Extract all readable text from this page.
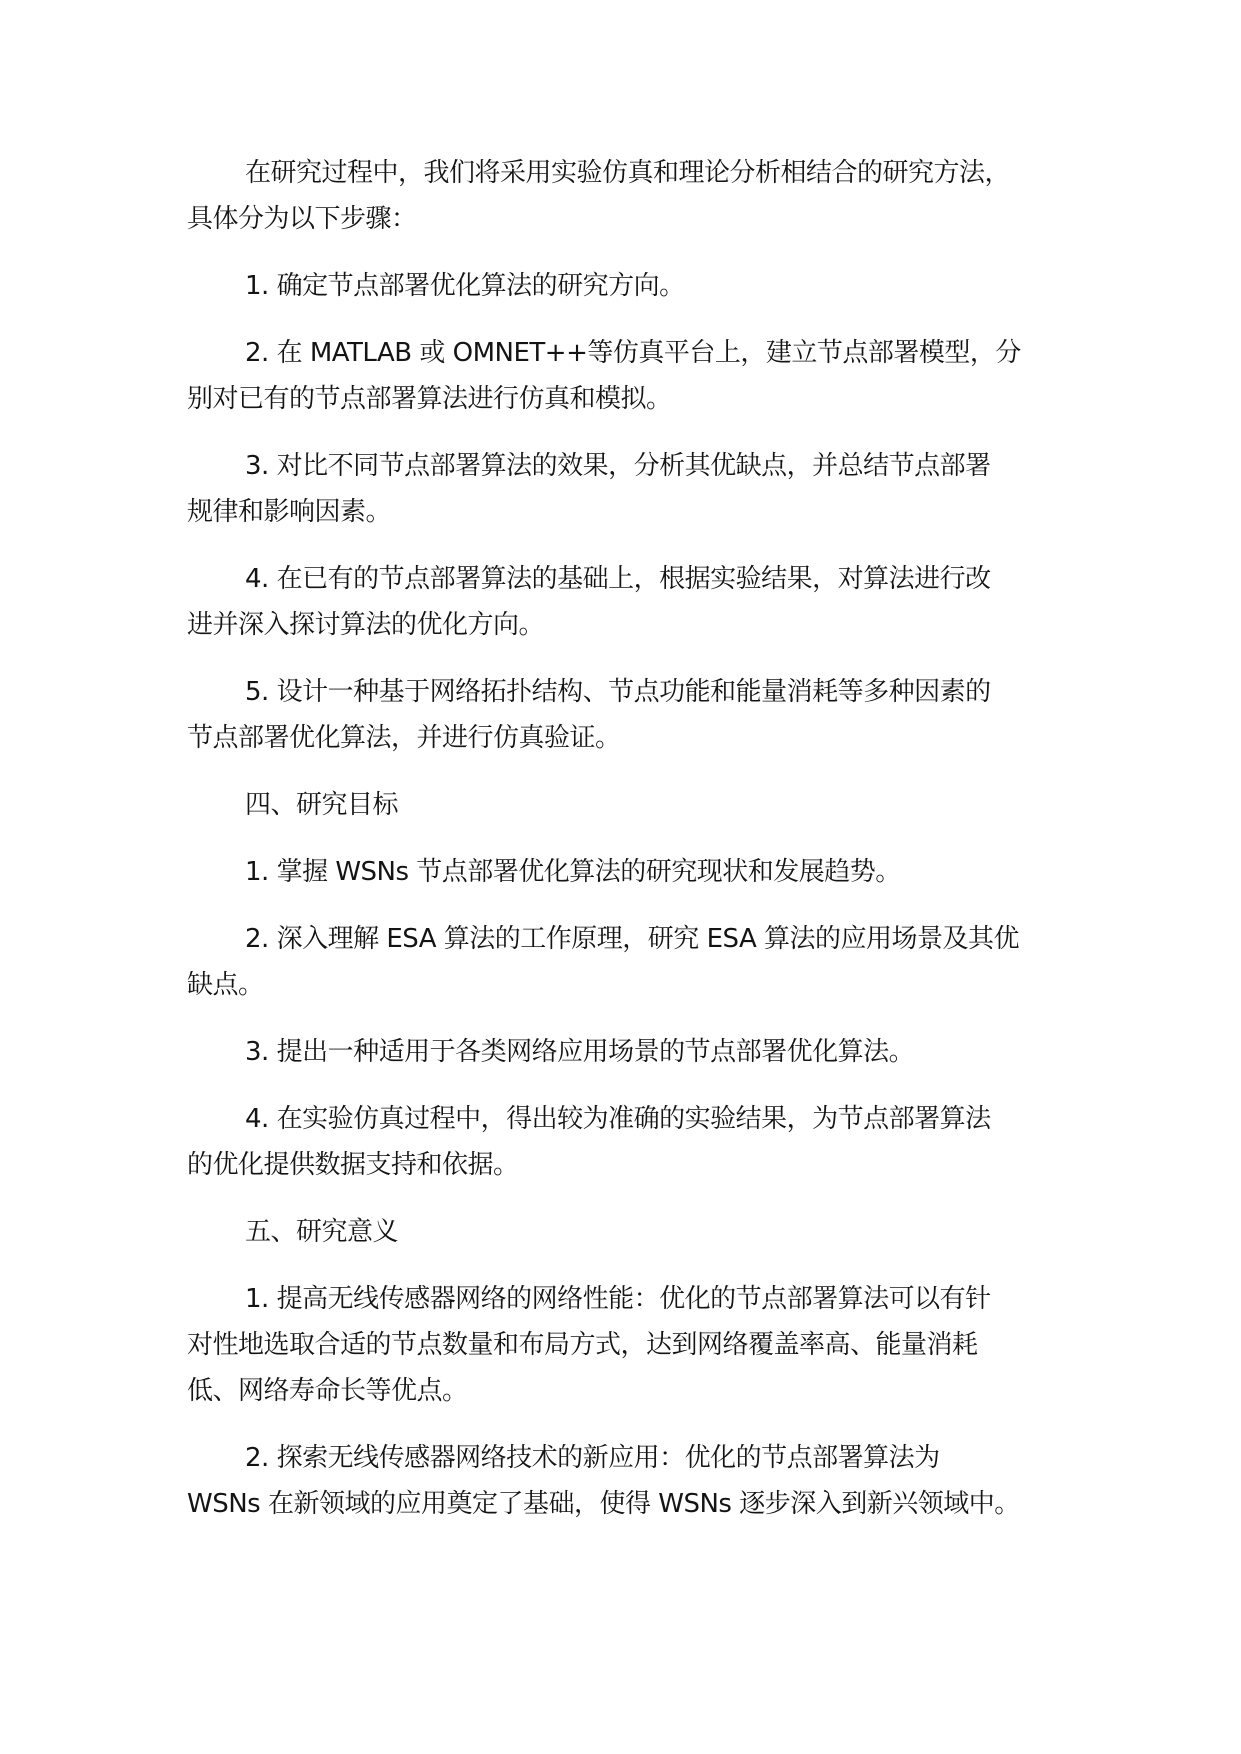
在研究过程中，我们将采用实验仿真和理论分析相结合的研究方法，
具体分为以下步骤：

1. 确定节点部署优化算法的研究方向。

2. 在 MATLAB 或 OMNET++等仿真平台上，建立节点部署模型，分
别对已有的节点部署算法进行仿真和模拟。

3. 对比不同节点部署算法的效果，分析其优缺点，并总结节点部署
规律和影响因素。

4. 在已有的节点部署算法的基础上，根据实验结果，对算法进行改
进并深入探讨算法的优化方向。

5. 设计一种基于网络拓扑结构、节点功能和能量消耗等多种因素的
节点部署优化算法，并进行仿真验证。

四、研究目标

1. 掌握 WSNs 节点部署优化算法的研究现状和发展趋势。

2. 深入理解 ESA 算法的工作原理，研究 ESA 算法的应用场景及其优
缺点。

3. 提出一种适用于各类网络应用场景的节点部署优化算法。

4. 在实验仿真过程中，得出较为准确的实验结果，为节点部署算法
的优化提供数据支持和依据。

五、研究意义

1. 提高无线传感器网络的网络性能：优化的节点部署算法可以有针
对性地选取合适的节点数量和布局方式，达到网络覆盖率高、能量消耗
低、网络寿命长等优点。

2. 探索无线传感器网络技术的新应用：优化的节点部署算法为
WSNs 在新领域的应用奠定了基础，使得 WSNs 逐步深入到新兴领域中。
